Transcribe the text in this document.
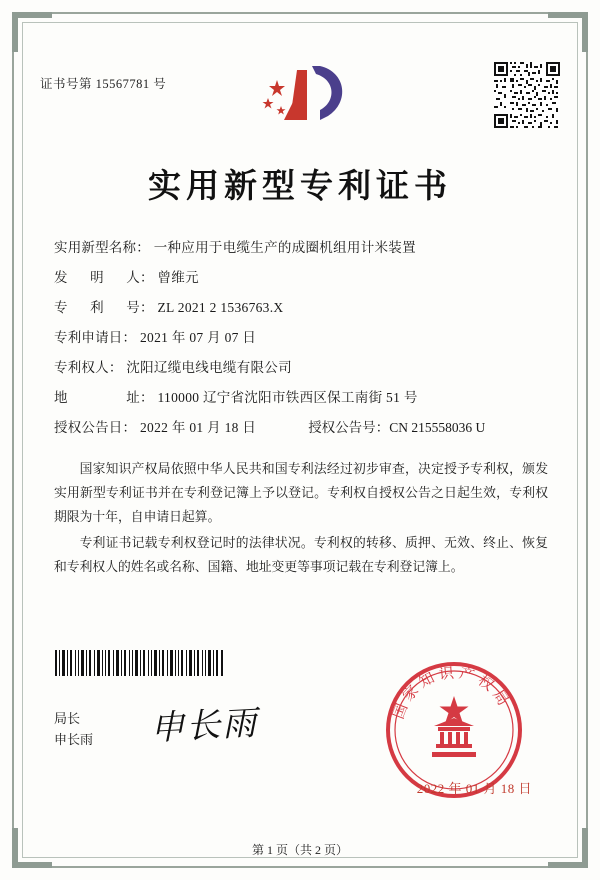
证书号第 15567781 号
实用新型专利证书
实用新型名称 ： 一种应用于电缆生产的成圈机组用计米装置
发明人 ： 曾维元
专利号 ： ZL 2021 2 1536763.X
专利申请日 ： 2021 年 07 月 07 日
专利权人 ： 沈阳辽缆电线电缆有限公司
地址 ： 110000 辽宁省沈阳市铁西区保工南街 51 号
授权公告日 ： 2022 年 01 月 18 日	授权公告号 ： CN 215558036 U

国家知识产权局依照中华人民共和国专利法经过初步审查，决定授予专利权，颁发实用新型专利证书并在专利登记簿上予以登记。专利权自授权公告之日起生效，专利权期限为十年，自申请日起算。

专利证书记载专利权登记时的法律状况。专利权的转移、质押、无效、终止、恢复和专利权人的姓名或名称、国籍、地址变更等事项记载在专利登记簿上。

局长
申长雨 申长雨	国家知识产权局
2022 年 01 月 18 日
第 1 页（共 2 页）
